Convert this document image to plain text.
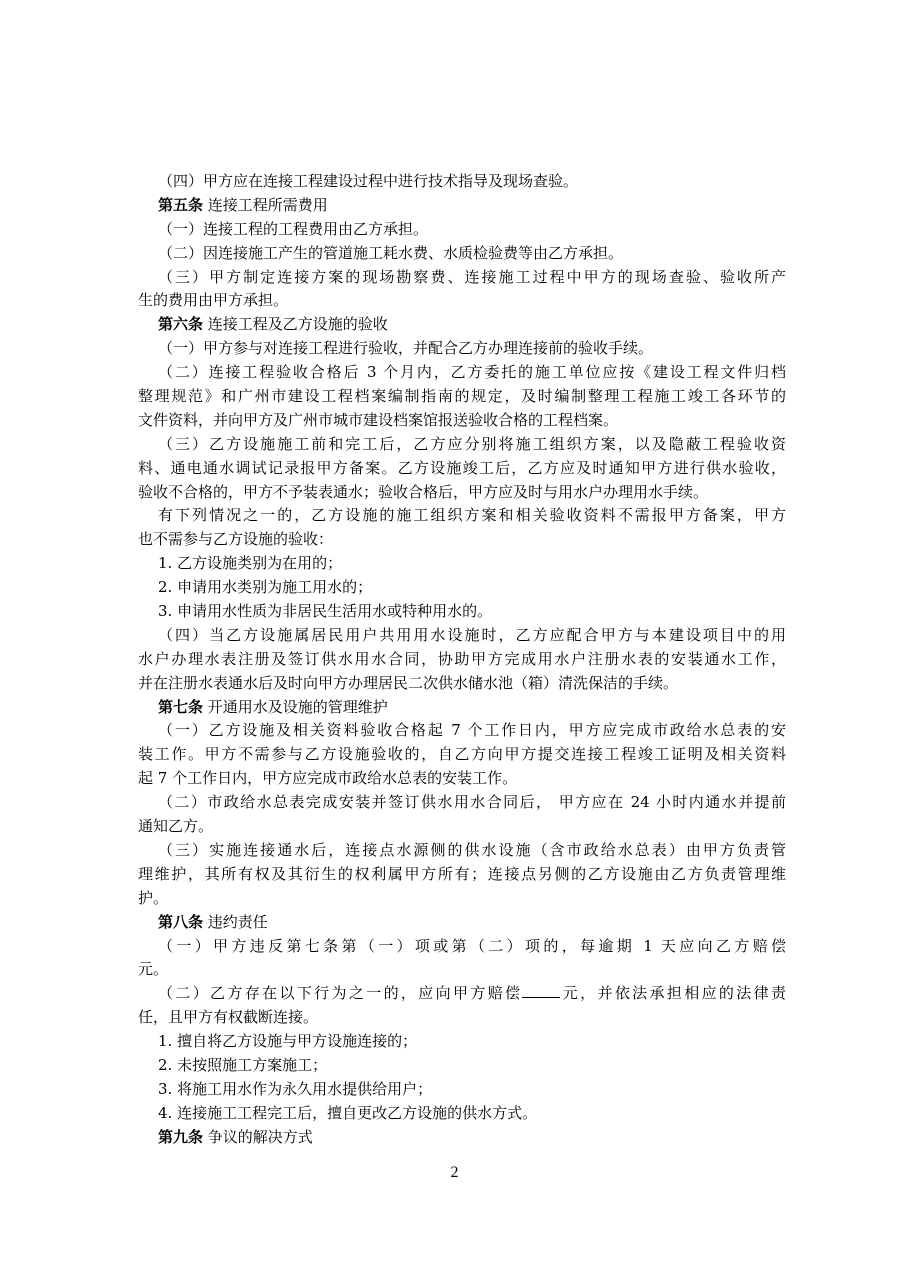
（四）甲方应在连接工程建设过程中进行技术指导及现场查验。
第五条 连接工程所需费用
（一）连接工程的工程费用由乙方承担。
（二）因连接施工产生的管道施工耗水费、水质检验费等由乙方承担。
（三）甲方制定连接方案的现场勘察费、连接施工过程中甲方的现场查验、验收所产
生的费用由甲方承担。
第六条 连接工程及乙方设施的验收
（一）甲方参与对连接工程进行验收，并配合乙方办理连接前的验收手续。
（二）连接工程验收合格后 3 个月内，乙方委托的施工单位应按《建设工程文件归档
整理规范》和广州市建设工程档案编制指南的规定，及时编制整理工程施工竣工各环节的
文件资料，并向甲方及广州市城市建设档案馆报送验收合格的工程档案。
（三）乙方设施施工前和完工后，乙方应分别将施工组织方案，以及隐蔽工程验收资
料、通电通水调试记录报甲方备案。乙方设施竣工后，乙方应及时通知甲方进行供水验收，
验收不合格的，甲方不予装表通水；验收合格后，甲方应及时与用水户办理用水手续。
有下列情况之一的，乙方设施的施工组织方案和相关验收资料不需报甲方备案，甲方
也不需参与乙方设施的验收：
1. 乙方设施类别为在用的；
2. 申请用水类别为施工用水的；
3. 申请用水性质为非居民生活用水或特种用水的。
（四）当乙方设施属居民用户共用用水设施时，乙方应配合甲方与本建设项目中的用
水户办理水表注册及签订供水用水合同，协助甲方完成用水户注册水表的安装通水工作，
并在注册水表通水后及时向甲方办理居民二次供水储水池（箱）清洗保洁的手续。
第七条 开通用水及设施的管理维护
（一）乙方设施及相关资料验收合格起 7 个工作日内，甲方应完成市政给水总表的安
装工作。甲方不需参与乙方设施验收的，自乙方向甲方提交连接工程竣工证明及相关资料
起 7 个工作日内，甲方应完成市政给水总表的安装工作。
（二）市政给水总表完成安装并签订供水用水合同后， 甲方应在 24 小时内通水并提前
通知乙方。
（三）实施连接通水后，连接点水源侧的供水设施（含市政给水总表）由甲方负责管
理维护，其所有权及其衍生的权利属甲方所有；连接点另侧的乙方设施由乙方负责管理维
护。
第八条 违约责任
（一）甲方违反第七条第（一）项或第（二）项的，每逾期 1 天应向乙方赔偿
元。
（二）乙方存在以下行为之一的，应向甲方赔偿	元，并依法承担相应的法律责
任，且甲方有权截断连接。
1. 擅自将乙方设施与甲方设施连接的；
2. 未按照施工方案施工；
3. 将施工用水作为永久用水提供给用户；
4. 连接施工工程完工后，擅自更改乙方设施的供水方式。
第九条 争议的解决方式
2
